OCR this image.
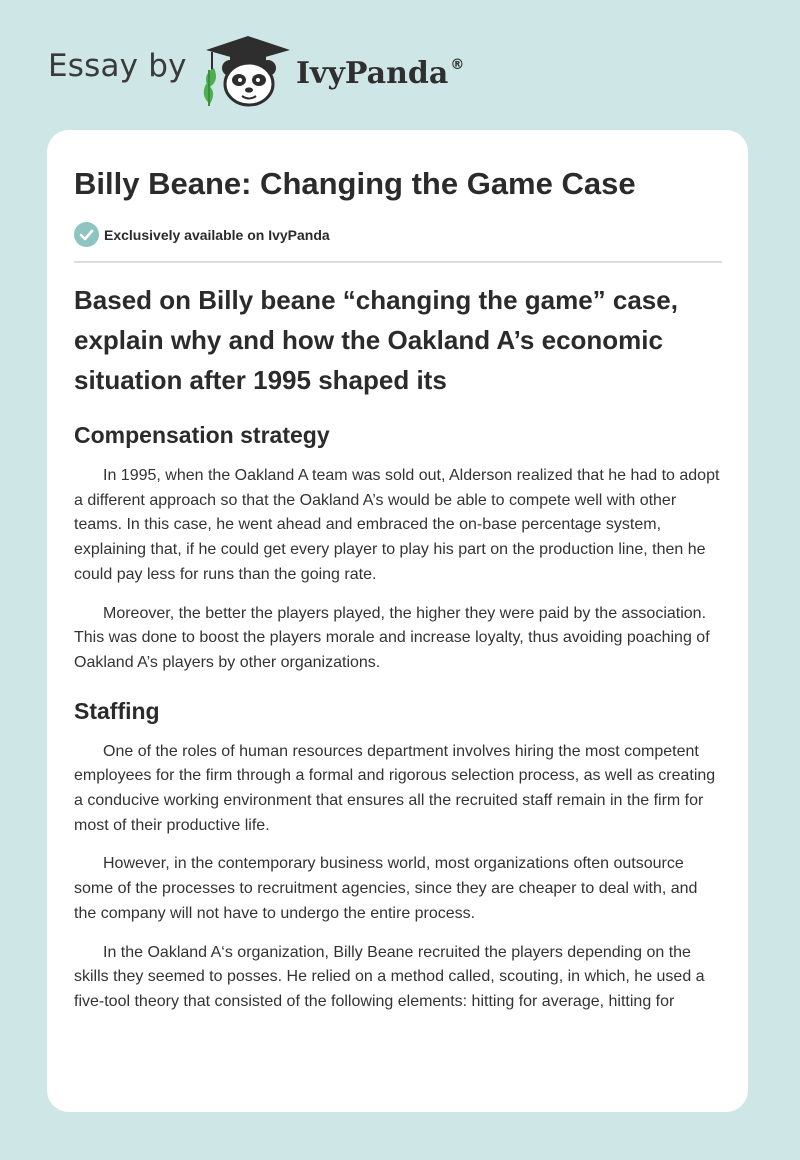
Essay by	IvyPanda ®
Billy Beane: Changing the Game Case
Exclusively available on IvyPanda
Based on Billy beane “changing the game” case, explain why and how the Oakland A’s economic situation after 1995 shaped its
Compensation strategy

In 1995, when the Oakland A team was sold out, Alderson realized that he had to adopt a different approach so that the Oakland A’s would be able to compete well with other teams. In this case, he went ahead and embraced the on-base percentage system, explaining that, if he could get every player to play his part on the production line, then he could pay less for runs than the going rate.

Moreover, the better the players played, the higher they were paid by the association. This was done to boost the players morale and increase loyalty, thus avoiding poaching of Oakland A’s players by other organizations.

Staffing

One of the roles of human resources department involves hiring the most competent employees for the firm through a formal and rigorous selection process, as well as creating a conducive working environment that ensures all the recruited staff remain in the firm for most of their productive life.

However, in the contemporary business world, most organizations often outsource some of the processes to recruitment agencies, since they are cheaper to deal with, and the company will not have to undergo the entire process.

In the Oakland A‘s organization, Billy Beane recruited the players depending on the skills they seemed to posses. He relied on a method called, scouting, in which, he used a five-tool theory that consisted of the following elements: hitting for average, hitting for
